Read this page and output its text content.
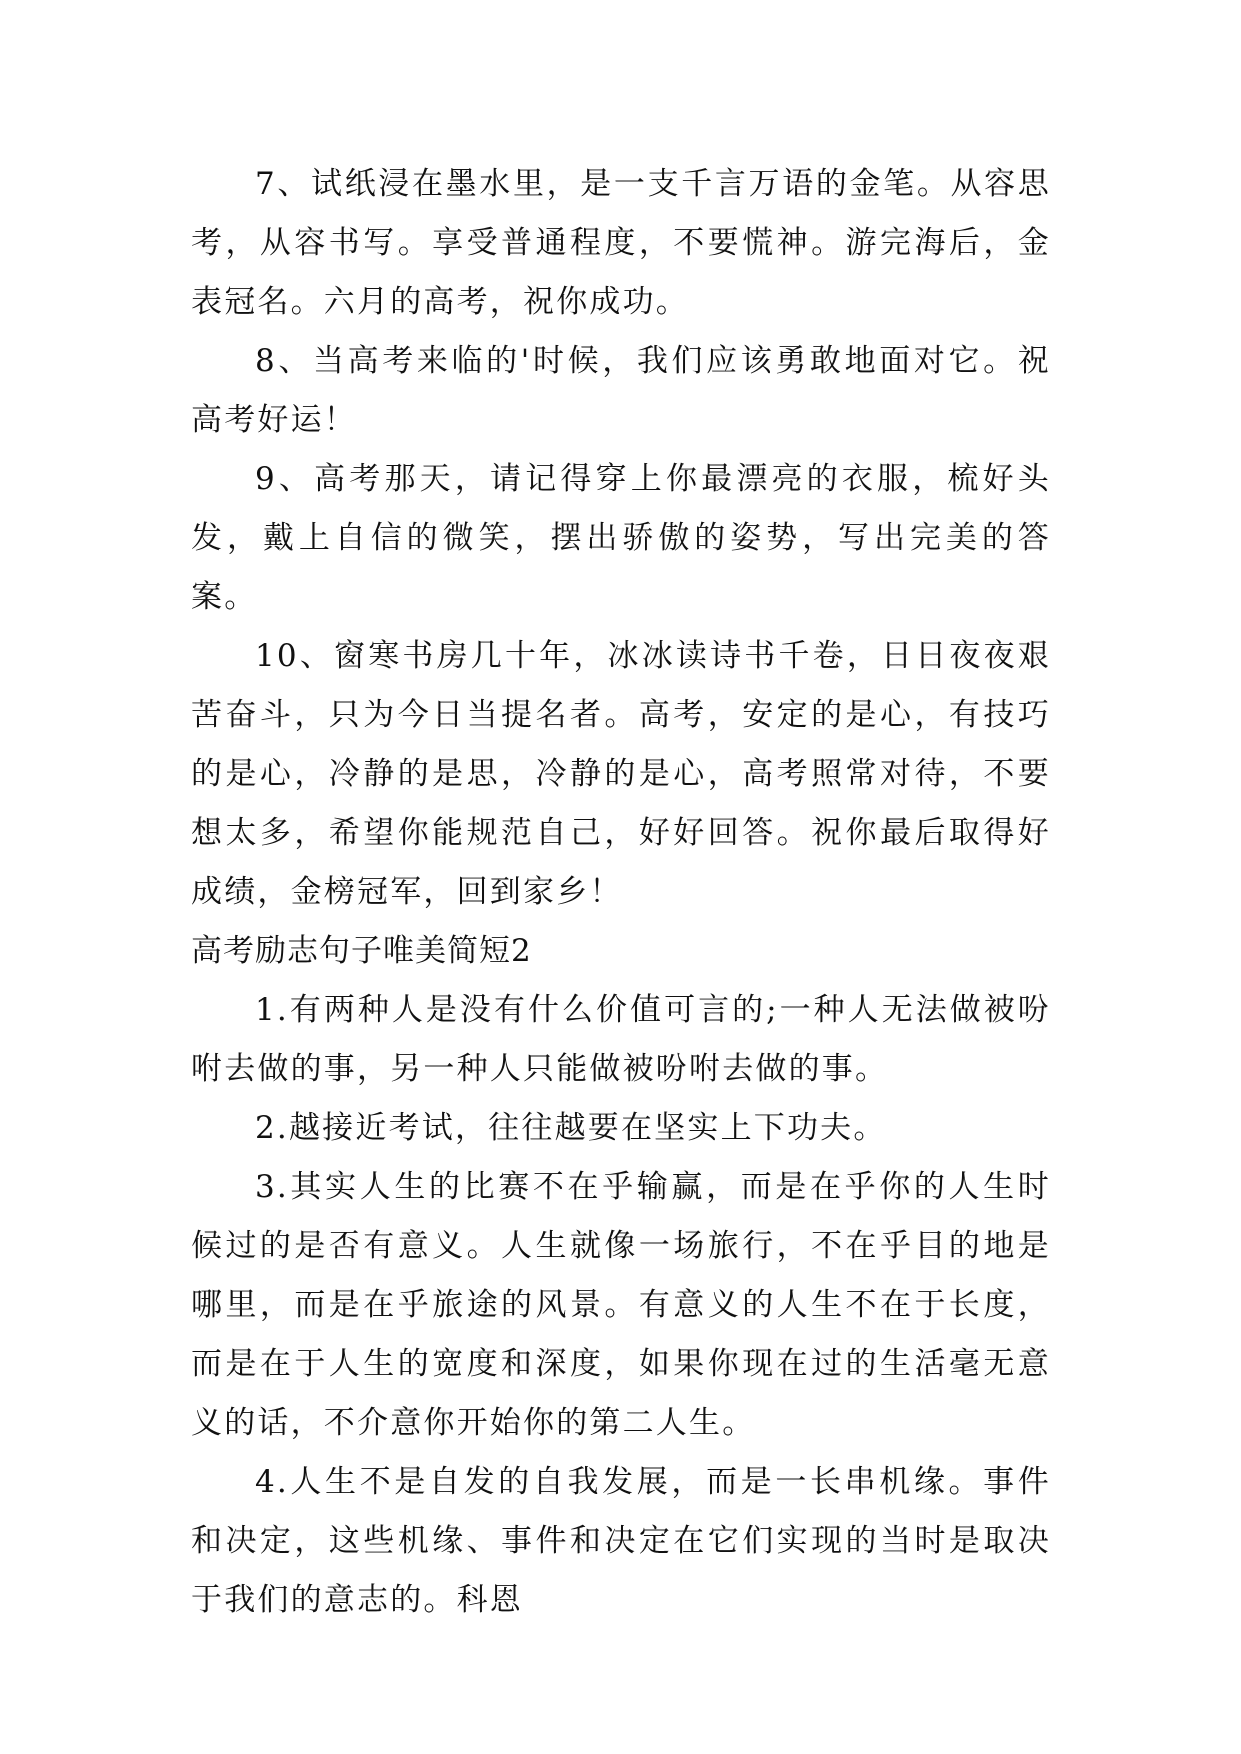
7、试纸浸在墨水里，是一支千言万语的金笔。从容思考，从容书写。享受普通程度，不要慌神。游完海后，金表冠名。六月的高考，祝你成功。

8、当高考来临的'时候，我们应该勇敢地面对它。祝高考好运！

9、高考那天，请记得穿上你最漂亮的衣服，梳好头发，戴上自信的微笑，摆出骄傲的姿势，写出完美的答案。

10、窗寒书房几十年，冰冰读诗书千卷，日日夜夜艰苦奋斗，只为今日当提名者。高考，安定的是心，有技巧的是心，冷静的是思，冷静的是心，高考照常对待，不要想太多，希望你能规范自己，好好回答。祝你最后取得好成绩，金榜冠军，回到家乡！

高考励志句子唯美简短2

1.有两种人是没有什么价值可言的;一种人无法做被吩咐去做的事，另一种人只能做被吩咐去做的事。

2.越接近考试，往往越要在坚实上下功夫。

3.其实人生的比赛不在乎输赢，而是在乎你的人生时候过的是否有意义。人生就像一场旅行，不在乎目的地是哪里，而是在乎旅途的风景。有意义的人生不在于长度，而是在于人生的宽度和深度，如果你现在过的生活毫无意义的话，不介意你开始你的第二人生。

4.人生不是自发的自我发展，而是一长串机缘。事件和决定，这些机缘、事件和决定在它们实现的当时是取决于我们的意志的。科恩
